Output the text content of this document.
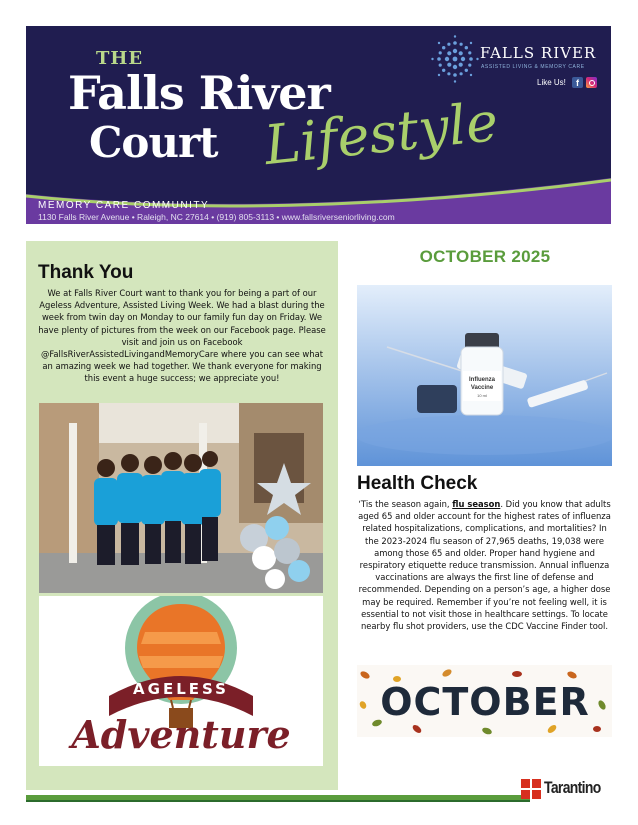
THE
Falls River
Court Lifestyle
MEMORY CARE COMMUNITY
1130 Falls River Avenue • Raleigh, NC 27614 • (919) 805-3113 • www.fallsriverseniorliving.com
FALLS RIVER
ASSISTED LIVING & MEMORY CARE
Like Us!	f
Thank You

We at Falls River Court want to thank you for being a part of our Ageless Adventure, Assisted Living Week. We had a blast during the week from twin day on Monday to our family fun day on Friday. We have plenty of pictures from the week on our Facebook page. Please visit and join us on Facebook @FallsRiverAssistedLivingandMemoryCare where you can see what an amazing week we had together. We thank everyone for making this event a huge success; we appreciate you!

AGELESS
Adventure
OCTOBER 2025
Influenza
Vaccine
10 ml
Health Check

‘Tis the season again, flu season. Did you know that adults aged 65 and older account for the highest rates of influenza related hospitalizations, complications, and mortalities? In the 2023-2024 flu season of 27,965 deaths, 19,038 were among those 65 and older. Proper hand hygiene and respiratory etiquette reduce transmission. Annual influenza vaccinations are always the first line of defense and recommended. Depending on a person’s age, a higher dose may be required. Remember if you’re not feeling well, it is essential to not visit those in healthcare settings. To locate nearby flu shot providers, use the CDC Vaccine Finder tool.

OCTOBER
Tarantino
